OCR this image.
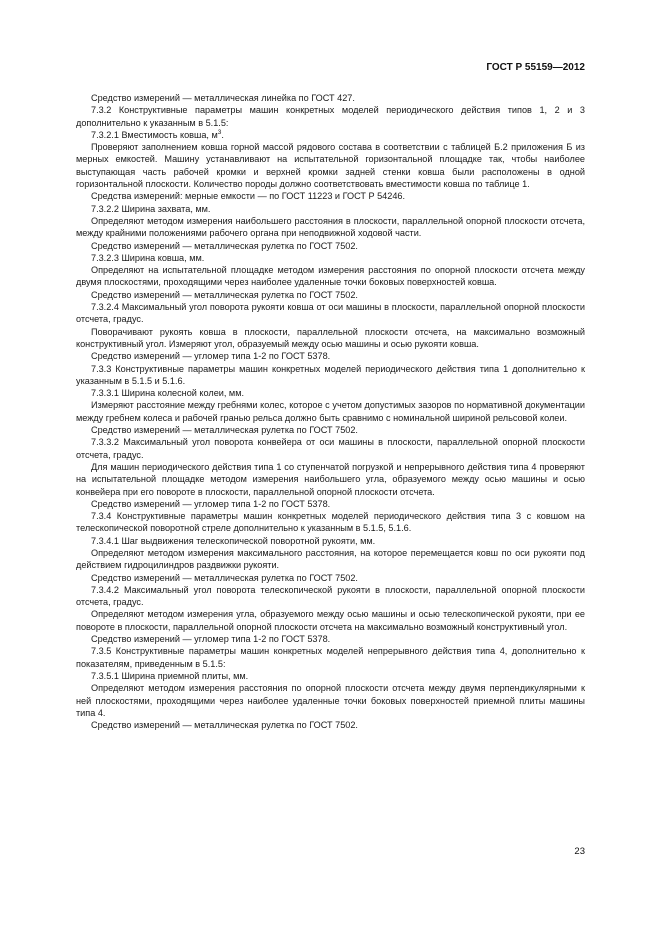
ГОСТ Р 55159—2012

Средство измерений — металлическая линейка по ГОСТ 427.

7.3.2 Конструктивные параметры машин конкретных моделей периодического действия типов 1, 2 и 3 дополнительно к указанным в 5.1.5:

7.3.2.1 Вместимость ковша, $м^3$.

Проверяют заполнением ковша горной массой рядового состава в соответствии с таблицей Б.2 приложения Б из мерных емкостей. Машину устанавливают на испытательной горизонтальной площадке так, чтобы наиболее выступающая часть рабочей кромки и верхней кромки задней стенки ковша были расположены в одной горизонтальной плоскости. Количество породы должно соответствовать вместимости ковша по таблице 1.

Средства измерений: мерные емкости — по ГОСТ 11223 и ГОСТ Р 54246.

7.3.2.2 Ширина захвата, мм.

Определяют методом измерения наибольшего расстояния в плоскости, параллельной опорной плоскости отсчета, между крайними положениями рабочего органа при неподвижной ходовой части.

Средство измерений — металлическая рулетка по ГОСТ 7502.

7.3.2.3 Ширина ковша, мм.

Определяют на испытательной площадке методом измерения расстояния по опорной плоскости отсчета между двумя плоскостями, проходящими через наиболее удаленные точки боковых поверхностей ковша.

Средство измерений — металлическая рулетка по ГОСТ 7502.

7.3.2.4 Максимальный угол поворота рукояти ковша от оси машины в плоскости, параллельной опорной плоскости отсчета, градус.

Поворачивают рукоять ковша в плоскости, параллельной плоскости отсчета, на максимально возможный конструктивный угол. Измеряют угол, образуемый между осью машины и осью рукояти ковша.

Средство измерений — угломер типа 1-2 по ГОСТ 5378.

7.3.3 Конструктивные параметры машин конкретных моделей периодического действия типа 1 дополнительно к указанным в 5.1.5 и 5.1.6.

7.3.3.1 Ширина колесной колеи, мм.

Измеряют расстояние между гребнями колес, которое с учетом допустимых зазоров по нормативной документации между гребнем колеса и рабочей гранью рельса должно быть сравнимо с номинальной шириной рельсовой колеи.

Средство измерений — металлическая рулетка по ГОСТ 7502.

7.3.3.2 Максимальный угол поворота конвейера от оси машины в плоскости, параллельной опорной плоскости отсчета, градус.

Для машин периодического действия типа 1 со ступенчатой погрузкой и непрерывного действия типа 4 проверяют на испытательной площадке методом измерения наибольшего угла, образуемого между осью машины и осью конвейера при его повороте в плоскости, параллельной опорной плоскости отсчета.

Средство измерений — угломер типа 1-2 по ГОСТ 5378.

7.3.4 Конструктивные параметры машин конкретных моделей периодического действия типа 3 с ковшом на телескопической поворотной стреле дополнительно к указанным в 5.1.5, 5.1.6.

7.3.4.1 Шаг выдвижения телескопической поворотной рукояти, мм.

Определяют методом измерения максимального расстояния, на которое перемещается ковш по оси рукояти под действием гидроцилиндров раздвижки рукояти.

Средство измерений — металлическая рулетка по ГОСТ 7502.

7.3.4.2 Максимальный угол поворота телескопической рукояти в плоскости, параллельной опорной плоскости отсчета, градус.

Определяют методом измерения угла, образуемого между осью машины и осью телескопической рукояти, при ее повороте в плоскости, параллельной опорной плоскости отсчета на максимально возможный конструктивный угол.

Средство измерений — угломер типа 1-2 по ГОСТ 5378.

7.3.5 Конструктивные параметры машин конкретных моделей непрерывного действия типа 4, дополнительно к показателям, приведенным в 5.1.5:

7.3.5.1 Ширина приемной плиты, мм.

Определяют методом измерения расстояния по опорной плоскости отсчета между двумя перпендикулярными к ней плоскостями, проходящими через наиболее удаленные точки боковых поверхностей приемной плиты машины типа 4.

Средство измерений — металлическая рулетка по ГОСТ 7502.

23
